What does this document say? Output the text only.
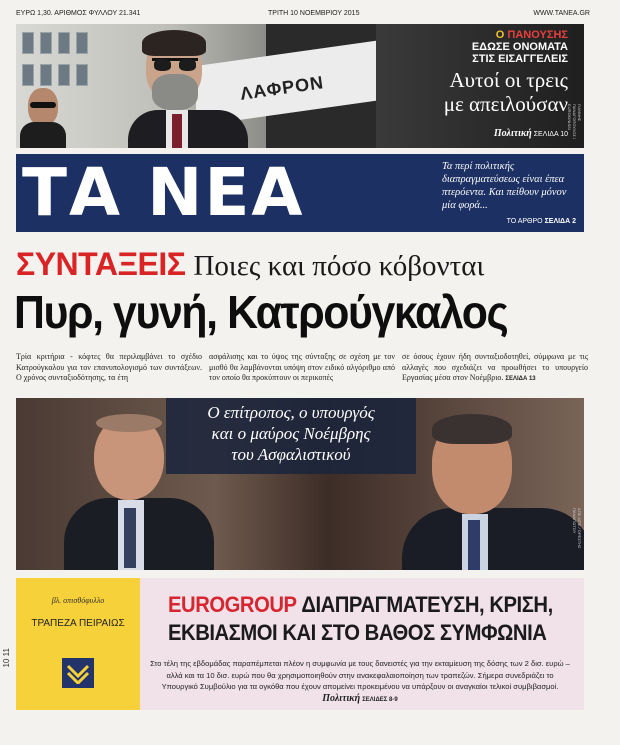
ΕΥΡΩ 1,30. ΑΡΙΘΜΟΣ ΦΥΛΛΟΥ 21.341	ΤΡΙΤΗ 10 ΝΟΕΜΒΡΙΟΥ 2015	WWW.TANEA.GR
ΛΑΦΡΟΝ
Ο ΠΑΝΟΥΣΗΣ
ΕΔΩΣΕ ΟΝΟΜΑΤΑ
ΣΤΙΣ ΕΙΣΑΓΓΕΛΕΙΣ
Αυτοί οι τρεις
με απειλούσαν
Πολιτική ΣΕΛΙΔΑ 10
ΓΙΑΝΝΗΣ ΠΑΝΑΓΟΠΟΥΛΟΣ / EUROKINISSI
ΤΑ ΝΕΑ	Τα περί πολιτικής διαπραγματεύσεως είναι έπεα πτερόεντα. Και πείθουν μόνον μία φορά...
ΤΟ ΑΡΘΡΟ ΣΕΛΙΔΑ 2
ΣΥΝΤΑΞΕΙΣ Ποιες και πόσο κόβονται
Πυρ, γυνή, Κατρούγκαλος
Τρία κριτήρια - κόφτες θα περιλαμβάνει το σχέδιο Κατρούγκαλου για τον επανυπολογισμό των συντάξεων. Ο χρόνος συνταξιοδότησης, τα έτη
ασφάλισης και το ύψος της σύνταξης σε σχέση με τον μισθό θα λαμβάνονται υπόψη στον ειδικό αλγόριθμο από τον οποίο θα προκύπτουν οι περικοπές
σε όσους έχουν ήδη συνταξιοδοτηθεί, σύμφωνα με τις αλλαγές που σχεδιάζει να προωθήσει το υπουργείο Εργασίας μέσα στον Νοέμβριο. ΣΕΛΙΔΑ 13
Ο επίτροπος, ο υπουργός
και ο μαύρος Νοέμβρης
του Ασφαλιστικού
ΑΠΕ-ΜΠΕ / ΟΡΕΣΤΗΣ ΠΑΝΑΓΙΩΤΟΥ
βλ. οπισθόφυλλο
ΤΡΑΠΕΖΑ ΠΕΙΡΑΙΩΣ
EUROGROUP ΔΙΑΠΡΑΓΜΑΤΕΥΣΗ, ΚΡΙΣΗ,
ΕΚΒΙΑΣΜΟΙ ΚΑΙ ΣΤΟ ΒΑΘΟΣ ΣΥΜΦΩΝΙΑ
Στο τέλη της εβδομάδας παραπέμπεται πλέον η συμφωνία με τους δανειστές για την εκταμίευση της δόσης των 2 δισ. ευρώ – αλλά και τα 10 δισ. ευρώ που θα χρησιμοποιηθούν στην ανακεφαλαιοποίηση των τραπεζών. Σήμερα συνεδριάζει το Υπουργικό Συμβούλιο για τα ογκόθα που έχουν απομείνει προκειμένου να υπάρξουν οι αναγκαίοι τελικοί συμβιβασμοί. Πολιτική ΣΕΛΙΔΕΣ 8-9
10 11
